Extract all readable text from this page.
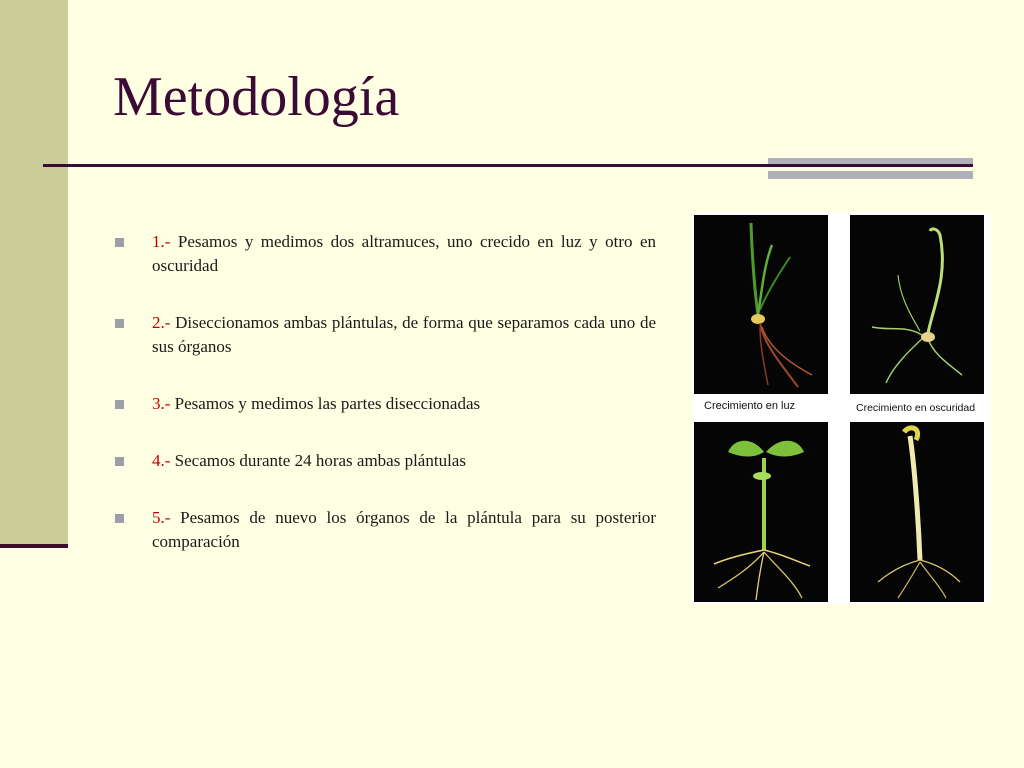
Metodología
1.- Pesamos y medimos dos altramuces, uno crecido en luz y otro en oscuridad
2.- Diseccionamos ambas plántulas, de forma que separamos cada uno de sus órganos
3.- Pesamos y medimos las partes diseccionadas
4.- Secamos durante 24 horas ambas plántulas
5.- Pesamos de nuevo los órganos de la plántula para su posterior comparación
Crecimiento en luz	Crecimiento en oscuridad
